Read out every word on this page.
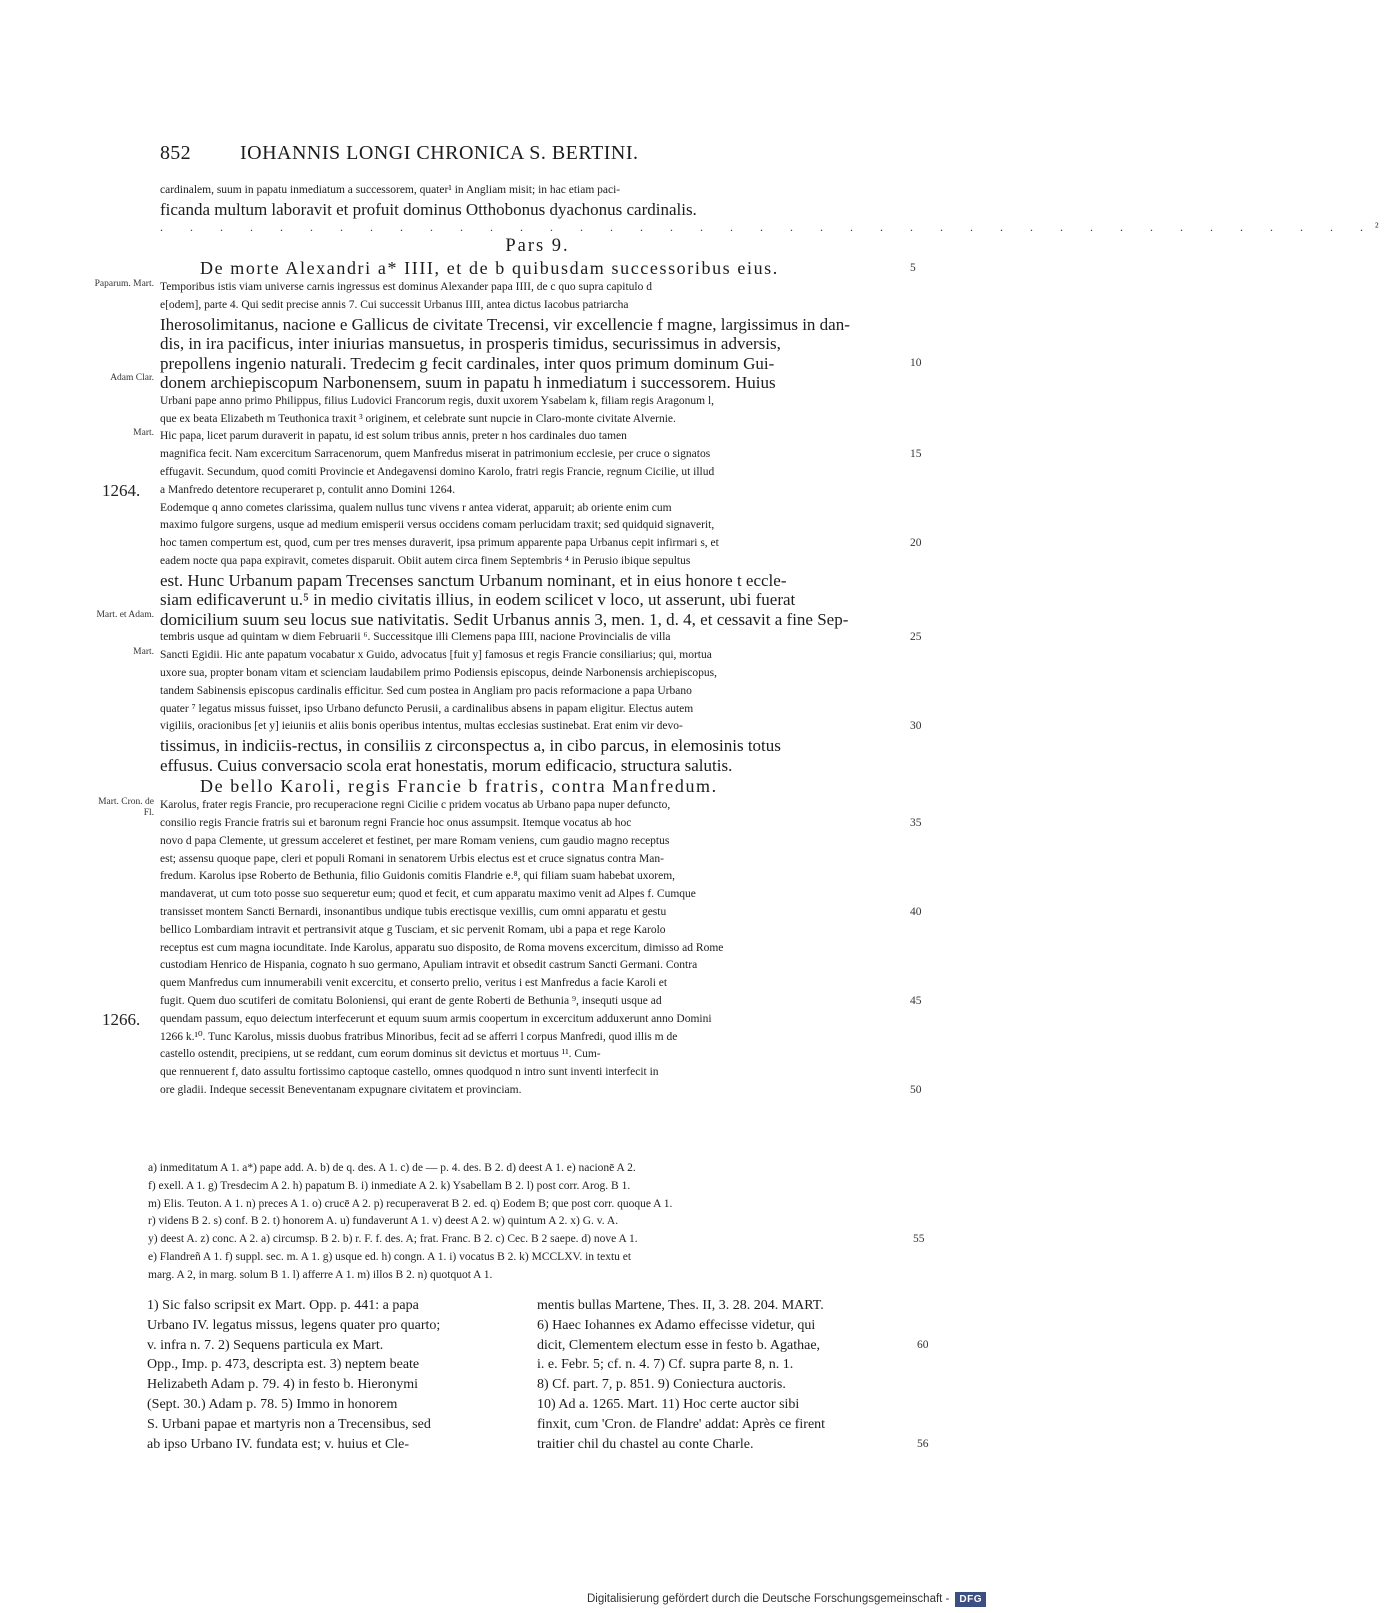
852	IOHANNIS LONGI CHRONICA S. BERTINI.
cardinalem, suum in papatu inmediatum a successorem, quater¹ in Angliam misit; in hac etiam paci-
ficanda multum laboravit et profuit dominus Otthobonus dyachonus cardinalis.
. . . . . . . . . . . . . . . . . . . . . . . . . . . . . . . . . . . . . . . . .²
Pars 9.
De morte Alexandri a* IIII, et de b quibusdam successoribus eius.	5
Temporibus istis viam universe carnis ingressus est dominus Alexander papa IIII, de c quo supra capitulo d
Paparum. Mart.
e[odem], parte 4. Qui sedit precise annis 7. Cui successit Urbanus IIII, antea dictus Iacobus patriarcha
Iherosolimitanus, nacione e Gallicus de civitate Trecensi, vir excellencie f magne, largissimus in dan-
dis, in ira pacificus, inter iniurias mansuetus, in prosperis timidus, securissimus in adversis,
prepollens ingenio naturali. Tredecim g fecit cardinales, inter quos primum dominum Gui-	10
donem archiepiscopum Narbonensem, suum in papatu h inmediatum i successorem. Huius
Adam Clar.
Urbani pape anno primo Philippus, filius Ludovici Francorum regis, duxit uxorem Ysabelam k, filiam regis Aragonum l,
que ex beata Elizabeth m Teuthonica traxit ³ originem, et celebrate sunt nupcie in Claro-monte civitate Alvernie.
Hic papa, licet parum duraverit in papatu, id est solum tribus annis, preter n hos cardinales duo tamen
Mart.
magnifica fecit. Nam excercitum Sarracenorum, quem Manfredus miserat in patrimonium ecclesie, per cruce o signatos	15
effugavit. Secundum, quod comiti Provincie et Andegavensi domino Karolo, fratri regis Francie, regnum Cicilie, ut illud
a Manfredo detentore recuperaret p, contulit anno Domini 1264.
1264.
Eodemque q anno cometes clarissima, qualem nullus tunc vivens r antea viderat, apparuit; ab oriente enim cum
maximo fulgore surgens, usque ad medium emisperii versus occidens comam perlucidam traxit; sed quidquid signaverit,
hoc tamen compertum est, quod, cum per tres menses duraverit, ipsa primum apparente papa Urbanus cepit infirmari s, et	20
eadem nocte qua papa expiravit, cometes disparuit. Obiit autem circa finem Septembris ⁴ in Perusio ibique sepultus
est. Hunc Urbanum papam Trecenses sanctum Urbanum nominant, et in eius honore t eccle-
siam edificaverunt u.⁵ in medio civitatis illius, in eodem scilicet v loco, ut asserunt, ubi fuerat
domicilium suum seu locus sue nativitatis. Sedit Urbanus annis 3, men. 1, d. 4, et cessavit a fine Sep-
Mart. et Adam.
tembris usque ad quintam w diem Februarii ⁶. Successitque illi Clemens papa IIII, nacione Provincialis de villa	25
Sancti Egidii. Hic ante papatum vocabatur x Guido, advocatus [fuit y] famosus et regis Francie consiliarius; qui, mortua
Mart.
uxore sua, propter bonam vitam et scienciam laudabilem primo Podiensis episcopus, deinde Narbonensis archiepiscopus,
tandem Sabinensis episcopus cardinalis efficitur. Sed cum postea in Angliam pro pacis reformacione a papa Urbano
quater ⁷ legatus missus fuisset, ipso Urbano defuncto Perusii, a cardinalibus absens in papam eligitur. Electus autem
vigiliis, oracionibus [et y] ieiuniis et aliis bonis operibus intentus, multas ecclesias sustinebat. Erat enim vir devo-	30
tissimus, in indiciis-rectus, in consiliis z circonspectus a, in cibo parcus, in elemosinis totus
effusus. Cuius conversacio scola erat honestatis, morum edificacio, structura salutis.
De bello Karoli, regis Francie b fratris, contra Manfredum.
Karolus, frater regis Francie, pro recuperacione regni Cicilie c pridem vocatus ab Urbano papa nuper defuncto,
Mart. Cron. de Fl.
consilio regis Francie fratris sui et baronum regni Francie hoc onus assumpsit. Itemque vocatus ab hoc	35
novo d papa Clemente, ut gressum acceleret et festinet, per mare Romam veniens, cum gaudio magno receptus
est; assensu quoque pape, cleri et populi Romani in senatorem Urbis electus est et cruce signatus contra Man-
fredum. Karolus ipse Roberto de Bethunia, filio Guidonis comitis Flandrie e.⁸, qui filiam suam habebat uxorem,
mandaverat, ut cum toto posse suo sequeretur eum; quod et fecit, et cum apparatu maximo venit ad Alpes f. Cumque
transisset montem Sancti Bernardi, insonantibus undique tubis erectisque vexillis, cum omni apparatu et gestu	40
bellico Lombardiam intravit et pertransivit atque g Tusciam, et sic pervenit Romam, ubi a papa et rege Karolo
receptus est cum magna iocunditate. Inde Karolus, apparatu suo disposito, de Roma movens excercitum, dimisso ad Rome
custodiam Henrico de Hispania, cognato h suo germano, Apuliam intravit et obsedit castrum Sancti Germani. Contra
quem Manfredus cum innumerabili venit excercitu, et conserto prelio, veritus i est Manfredus a facie Karoli et
fugit. Quem duo scutiferi de comitatu Boloniensi, qui erant de gente Roberti de Bethunia ⁹, insequti usque ad	45
quendam passum, equo deiectum interfecerunt et equum suum armis coopertum in excercitum adduxerunt anno Domini
1266.
1266 k.¹⁰. Tunc Karolus, missis duobus fratribus Minoribus, fecit ad se afferri l corpus Manfredi, quod illis m de
castello ostendit, precipiens, ut se reddant, cum eorum dominus sit devictus et mortuus ¹¹. Cum-
que rennuerent f, dato assultu fortissimo captoque castello, omnes quodquod n intro sunt inventi interfecit in
ore gladii. Indeque secessit Beneventanam expugnare civitatem et provinciam.	50
a) inmeditatum A 1. a*) pape add. A. b) de q. des. A 1. c) de — p. 4. des. B 2. d) deest A 1. e) nacionē A 2.
f) exell. A 1. g) Tresdecim A 2. h) papatum B. i) inmediate A 2. k) Ysabellam B 2. l) post corr. Arog. B 1.
m) Elis. Teuton. A 1. n) preces A 1. o) crucē A 2. p) recuperaverat B 2. ed. q) Eodem B; que post corr. quoque A 1.
r) videns B 2. s) conf. B 2. t) honorem A. u) fundaverunt A 1. v) deest A 2. w) quintum A 2. x) G. v. A.
y) deest A. z) conc. A 2. a) circumsp. B 2. b) r. F. f. des. A; frat. Franc. B 2. c) Cec. B 2 saepe. d) nove A 1.	55
e) Flandreñ A 1. f) suppl. sec. m. A 1. g) usque ed. h) congn. A 1. i) vocatus B 2. k) MCCLXV. in textu et
marg. A 2, in marg. solum B 1. l) afferre A 1. m) illos B 2. n) quotquot A 1.
1) Sic falso scripsit ex Mart. Opp. p. 441: a papa
Urbano IV. legatus missus, legens quater pro quarto;
v. infra n. 7. 2) Sequens particula ex Mart.
Opp., Imp. p. 473, descripta est. 3) neptem beate
Helizabeth Adam p. 79. 4) in festo b. Hieronymi
(Sept. 30.) Adam p. 78. 5) Immo in honorem
S. Urbani papae et martyris non a Trecensibus, sed
ab ipso Urbano IV. fundata est; v. huius et Cle-
mentis bullas Martene, Thes. II, 3. 28. 204. MART.
6) Haec Iohannes ex Adamo effecisse videtur, qui
dicit, Clementem electum esse in festo b. Agathae,
i. e. Febr. 5; cf. n. 4. 7) Cf. supra parte 8, n. 1.
8) Cf. part. 7, p. 851. 9) Coniectura auctoris.
10) Ad a. 1265. Mart. 11) Hoc certe auctor sibi
finxit, cum 'Cron. de Flandre' addat: Après ce firent
traitier chil du chastel au conte Charle.
60
56
Digitalisierung gefördert durch die Deutsche Forschungsgemeinschaft -	DFG
